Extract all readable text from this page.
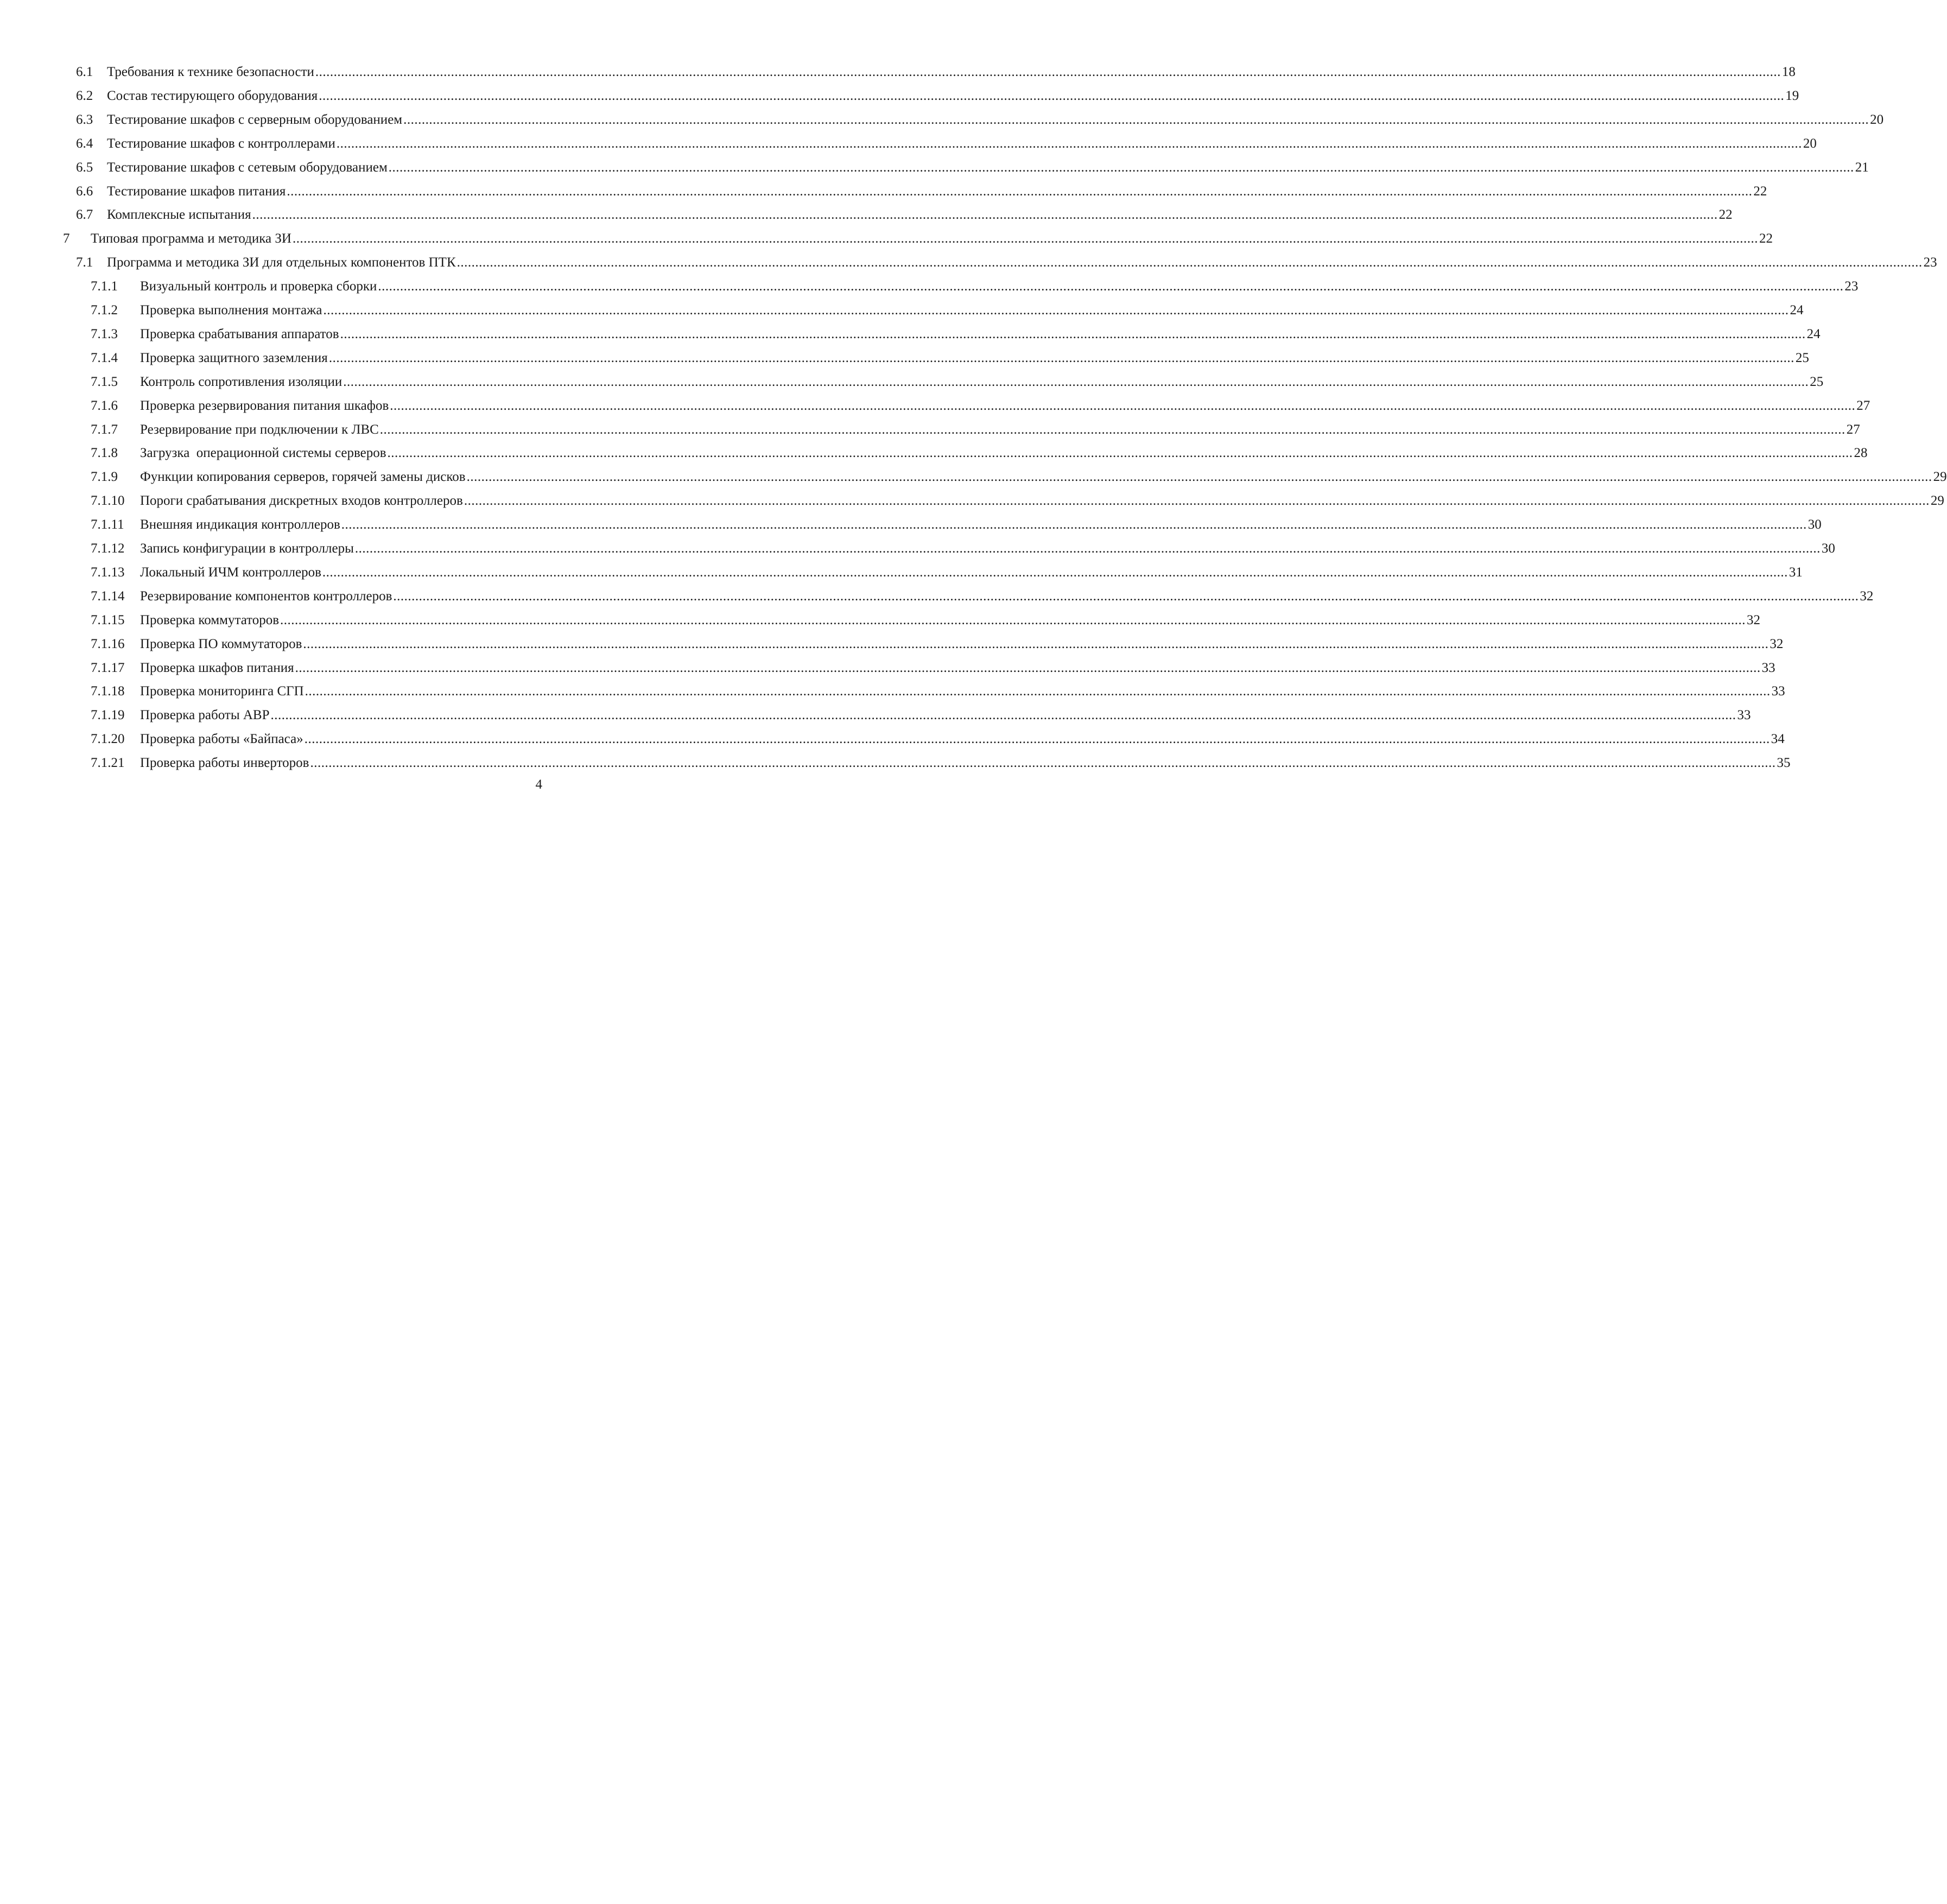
6.1 Требования к технике безопасности ................................................................................................................................................................................................................................................................................................................................................................................................................ 18
6.2 Состав тестирующего оборудования ................................................................................................................................................................................................................................................................................................................................................................................................................ 19
6.3 Тестирование шкафов с серверным оборудованием ................................................................................................................................................................................................................................................................................................................................................................................................................ 20
6.4 Тестирование шкафов с контроллерами ................................................................................................................................................................................................................................................................................................................................................................................................................ 20
6.5 Тестирование шкафов с сетевым оборудованием ................................................................................................................................................................................................................................................................................................................................................................................................................ 21
6.6 Тестирование шкафов питания ................................................................................................................................................................................................................................................................................................................................................................................................................ 22
6.7 Комплексные испытания ................................................................................................................................................................................................................................................................................................................................................................................................................ 22
7 Типовая программа и методика ЗИ ................................................................................................................................................................................................................................................................................................................................................................................................................ 22
7.1 Программа и методика ЗИ для отдельных компонентов ПТК ................................................................................................................................................................................................................................................................................................................................................................................................................ 23
7.1.1 Визуальный контроль и проверка сборки ................................................................................................................................................................................................................................................................................................................................................................................................................ 23
7.1.2 Проверка выполнения монтажа ................................................................................................................................................................................................................................................................................................................................................................................................................ 24
7.1.3 Проверка срабатывания аппаратов ................................................................................................................................................................................................................................................................................................................................................................................................................ 24
7.1.4 Проверка защитного заземления ................................................................................................................................................................................................................................................................................................................................................................................................................ 25
7.1.5 Контроль сопротивления изоляции ................................................................................................................................................................................................................................................................................................................................................................................................................ 25
7.1.6 Проверка резервирования питания шкафов ................................................................................................................................................................................................................................................................................................................................................................................................................ 27
7.1.7 Резервирование при подключении к ЛВС ................................................................................................................................................................................................................................................................................................................................................................................................................ 27
7.1.8 Загрузка  операционной системы серверов ................................................................................................................................................................................................................................................................................................................................................................................................................ 28
7.1.9 Функции копирования серверов, горячей замены дисков ................................................................................................................................................................................................................................................................................................................................................................................................................ 29
7.1.10 Пороги срабатывания дискретных входов контроллеров ................................................................................................................................................................................................................................................................................................................................................................................................................ 29
7.1.11 Внешняя индикация контроллеров ................................................................................................................................................................................................................................................................................................................................................................................................................ 30
7.1.12 Запись конфигурации в контроллеры ................................................................................................................................................................................................................................................................................................................................................................................................................ 30
7.1.13 Локальный ИЧМ контроллеров ................................................................................................................................................................................................................................................................................................................................................................................................................ 31
7.1.14 Резервирование компонентов контроллеров ................................................................................................................................................................................................................................................................................................................................................................................................................ 32
7.1.15 Проверка коммутаторов ................................................................................................................................................................................................................................................................................................................................................................................................................ 32
7.1.16 Проверка ПО коммутаторов ................................................................................................................................................................................................................................................................................................................................................................................................................ 32
7.1.17 Проверка шкафов питания ................................................................................................................................................................................................................................................................................................................................................................................................................ 33
7.1.18 Проверка мониторинга СГП ................................................................................................................................................................................................................................................................................................................................................................................................................ 33
7.1.19 Проверка работы АВР ................................................................................................................................................................................................................................................................................................................................................................................................................ 33
7.1.20 Проверка работы «Байпаса» ................................................................................................................................................................................................................................................................................................................................................................................................................ 34
7.1.21 Проверка работы инверторов ................................................................................................................................................................................................................................................................................................................................................................................................................ 35
4
